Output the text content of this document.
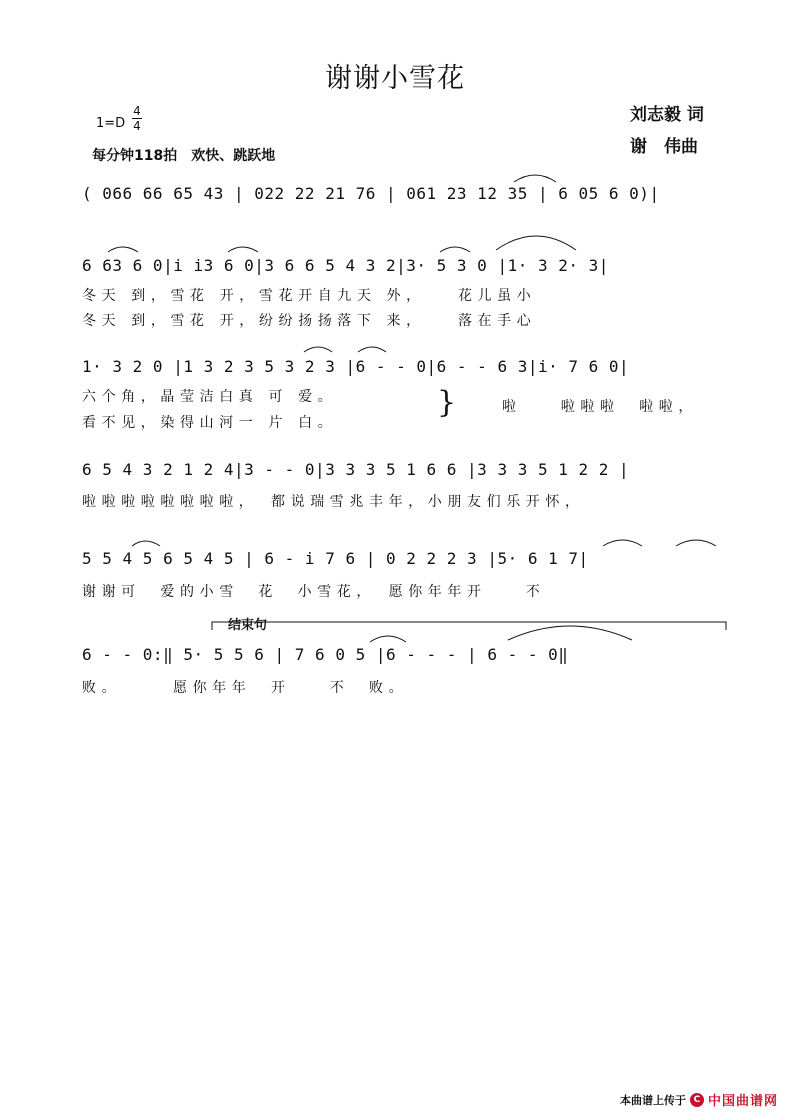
谢谢小雪花
1=D
4
4
每分钟118拍　欢快、跳跃地
刘志毅 词
谢　伟曲
( 066 66 65 43 | 022 22 21 76 | 061 23 12 35 | 6 05 6 0)|
6 63 6 0|i i3 6 0|3 6 6 5 4 3 2|3· 5 3 0 |1· 3 2· 3|
冬天 到，雪花 开，雪花开自九天 外，　　花儿虽小
冬天 到，雪花 开，纷纷扬扬落下 来，　　落在手心
1· 3 2 0 |1 3 2 3 5 3 2 3 |6 - - 0|6 - - 6 3|i· 7 6 0|
六个角，晶莹洁白真 可 爱。
看不见，染得山河一 片 白。
}	啦　　啦啦啦　啦啦，
6 5 4 3 2 1 2 4|3 - - 0|3 3 3 5 1 6 6 |3 3 3 5 1 2 2 |
啦啦啦啦啦啦啦啦，　都说瑞雪兆丰年，小朋友们乐开怀，
5 5 4 5 6 5 4 5 | 6 - i 7 6 | 0 2 2 2 3 |5· 6 1 7|
谢谢可　爱的小雪　花　小雪花，　愿你年年开　　不
结束句
6 - - 0:‖ 5· 5 5 6 | 7 6 0 5 |6 - - - | 6 - - 0‖
败。　　　愿你年年　开　　不　败。
本曲谱上传于 C 中国曲谱网
